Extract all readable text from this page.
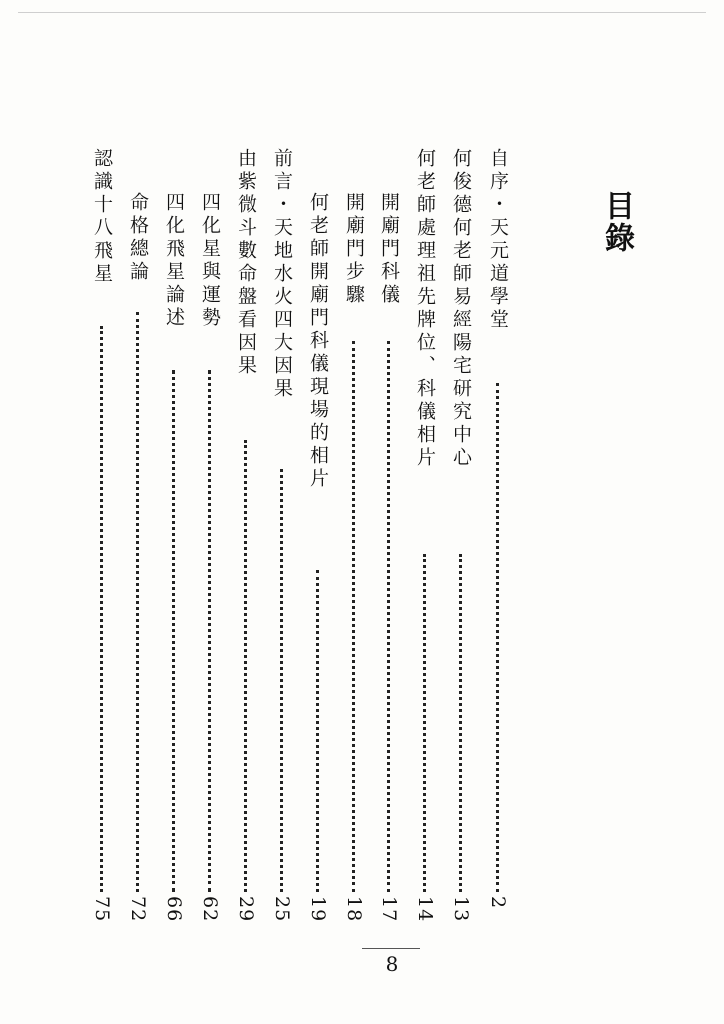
目錄
自序・天元道學堂
2
何俊德何老師易經陽宅研究中心
13
何老師處理祖先牌位、科儀相片
14
開廟門科儀
17
開廟門步驟
18
何老師開廟門科儀現場的相片
19
前言・天地水火四大因果
25
由紫微斗數命盤看因果
29
四化星與運勢
62
四化飛星論述
66
命格總論
72
認識十八飛星
75
8
